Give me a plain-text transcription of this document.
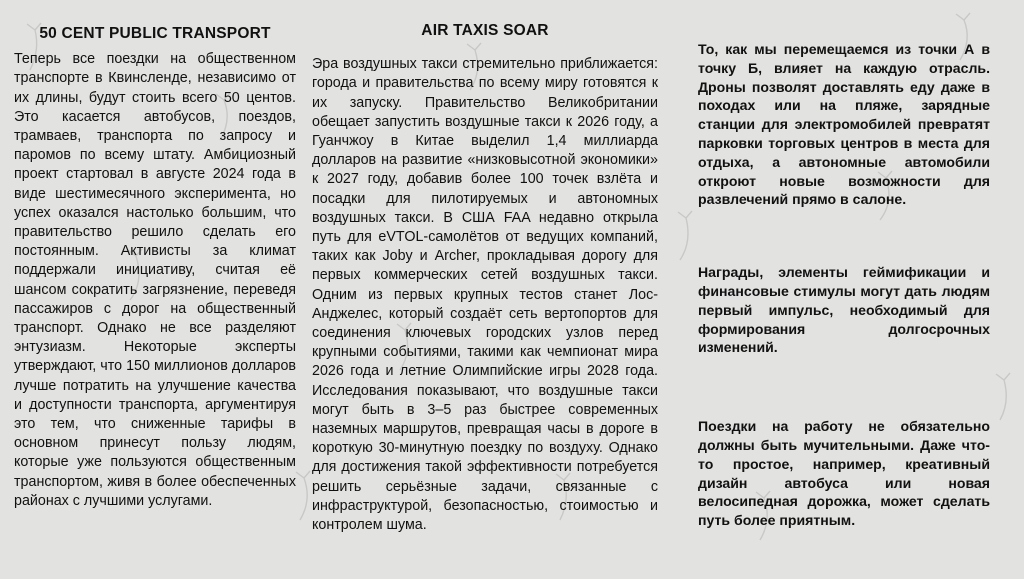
50 CENT PUBLIC TRANSPORT

Теперь все поездки на общественном транспорте в Квинсленде, независимо от их длины, будут стоить всего 50 центов. Это касается автобусов, поездов, трамваев, транспорта по запросу и паромов по всему штату. Амбициозный проект стартовал в августе 2024 года в виде шестимесячного эксперимента, но успех оказался настолько большим, что правительство решило сделать его постоянным. Активисты за климат поддержали инициативу, считая её шансом сократить загрязнение, переведя пассажиров с дорог на общественный транспорт. Однако не все разделяют энтузиазм. Некоторые эксперты утверждают, что 150 миллионов долларов лучше потратить на улучшение качества и доступности транспорта, аргументируя это тем, что сниженные тарифы в основном принесут пользу людям, которые уже пользуются общественным транспортом, живя в более обеспеченных районах с лучшими услугами.

AIR TAXIS SOAR

Эра воздушных такси стремительно приближается: города и правительства по всему миру готовятся к их запуску. Правительство Великобритании обещает запустить воздушные такси к 2026 году, а Гуанчжоу в Китае выделил 1,4 миллиарда долларов на развитие «низковысотной экономики» к 2027 году, добавив более 100 точек взлёта и посадки для пилотируемых и автономных воздушных такси. В США FAA недавно открыла путь для eVTOL-самолётов от ведущих компаний, таких как Joby и Archer, прокладывая дорогу для первых коммерческих сетей воздушных такси. Одним из первых крупных тестов станет Лос-Анджелес, который создаёт сеть вертопортов для соединения ключевых городских узлов перед крупными событиями, такими как чемпионат мира 2026 года и летние Олимпийские игры 2028 года. Исследования показывают, что воздушные такси могут быть в 3–5 раз быстрее современных наземных маршрутов, превращая часы в дороге в короткую 30-минутную поездку по воздуху. Однако для достижения такой эффективности потребуется решить серьёзные задачи, связанные с инфраструктурой, безопасностью, стоимостью и контролем шума.

То, как мы перемещаемся из точки А в точку Б, влияет на каждую отрасль. Дроны позволят доставлять еду даже в походах или на пляже, зарядные станции для электромобилей превратят парковки торговых центров в места для отдыха, а автономные автомобили откроют новые возможности для развлечений прямо в салоне.

Награды, элементы геймификации и финансовые стимулы могут дать людям первый импульс, необходимый для формирования долгосрочных изменений.

Поездки на работу не обязательно должны быть мучительными. Даже что-то простое, например, креативный дизайн автобуса или новая велосипедная дорожка, может сделать путь более приятным.
